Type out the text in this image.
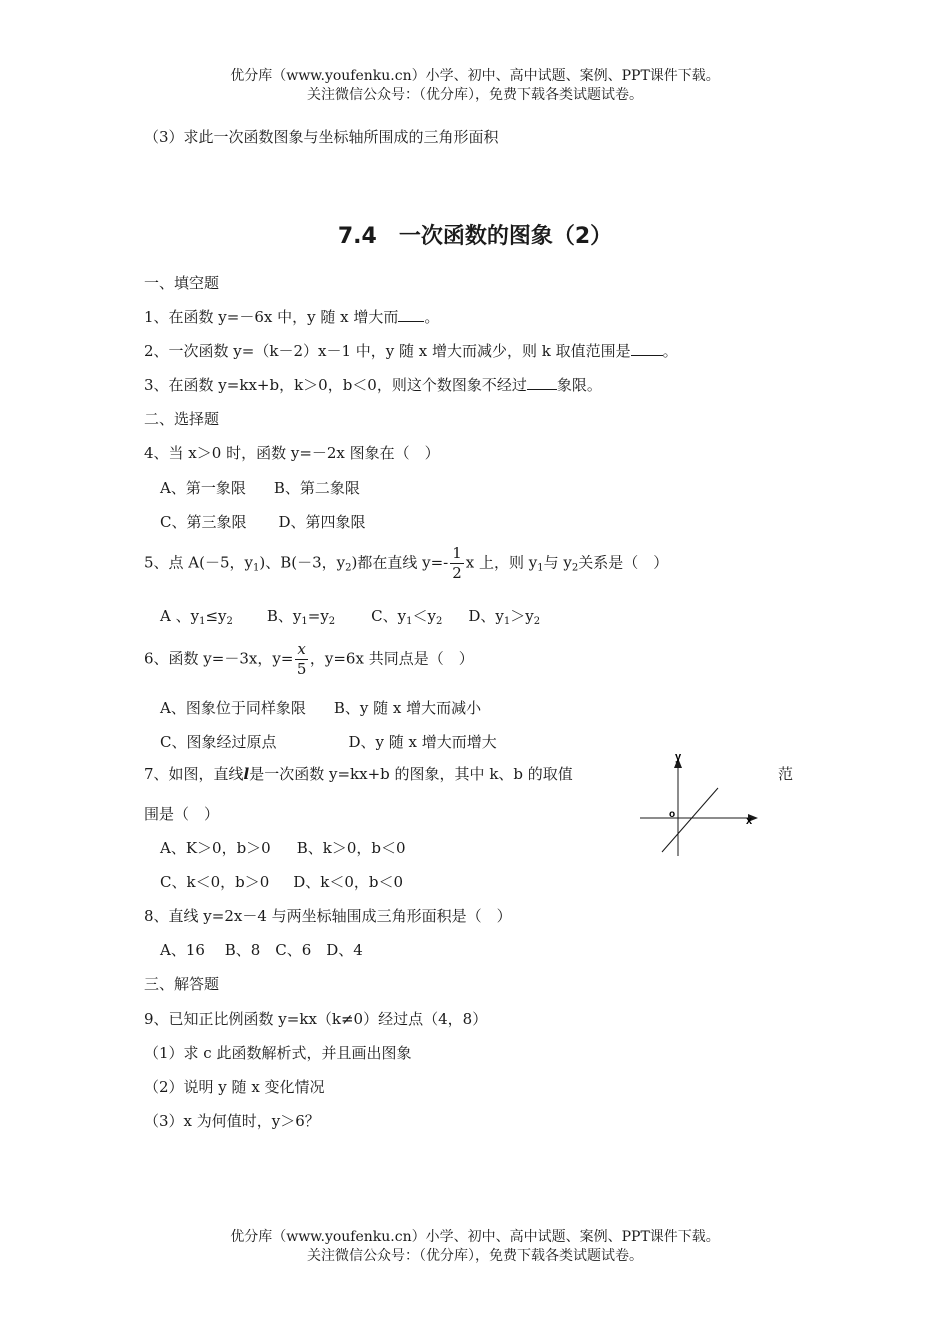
优分库（www.youfenku.cn）小学、初中、高中试题、案例、PPT课件下载。
关注微信公众号：（优分库），免费下载各类试题试卷。
（3）求此一次函数图象与坐标轴所围成的三角形面积
7.4　一次函数的图象（2）
一、填空题
1、在函数 y=－6x 中，y 随 x 增大而 。
2、一次函数 y=（k－2）x－1 中，y 随 x 增大而减少，则 k 取值范围是 。
3、在函数 y=kx+b，k＞0，b＜0，则这个数图象不经过 象限。
二、选择题
4、当 x＞0 时，函数 y=－2x 图象在（　）
A、第一象限 B、第二象限
C、第三象限 D、第四象限
5、点 A(－5，$y_1$)、B(－3，$y_2$)都在直线 $y=- \frac{1}{2}$ x 上，则 $y_1$与 $y_2$关系是（　）
A 、$y_1\le y_2$ B、$y_1=y_2$ C、$y_1<y_2$ D、$y_1>y_2$
6、函数 y=－3x，$y= \frac{x}{5}$ ，y=6x 共同点是（　）
A、图象位于同样象限 B、y 随 x 增大而减小
C、图象经过原点	D、y 随 x 增大而增大
7、如图，直线l是一次函数 y=kx+b 的图象，其中 k、b 的取值	范
围是（　）
y
x
o
A、K＞0，b＞0 B、k＞0，b＜0
C、k＜0，b＞0 D、k＜0，b＜0
8、直线 y=2x－4 与两坐标轴围成三角形面积是（　）
A、16　 B、8　C、6　D、4
三、解答题
9、已知正比例函数 y=kx（k≠0）经过点（4，8）
（1）求 c 此函数解析式，并且画出图象
（2）说明 y 随 x 变化情况
（3）x 为何值时，y＞6？
优分库（www.youfenku.cn）小学、初中、高中试题、案例、PPT课件下载。
关注微信公众号：（优分库），免费下载各类试题试卷。
